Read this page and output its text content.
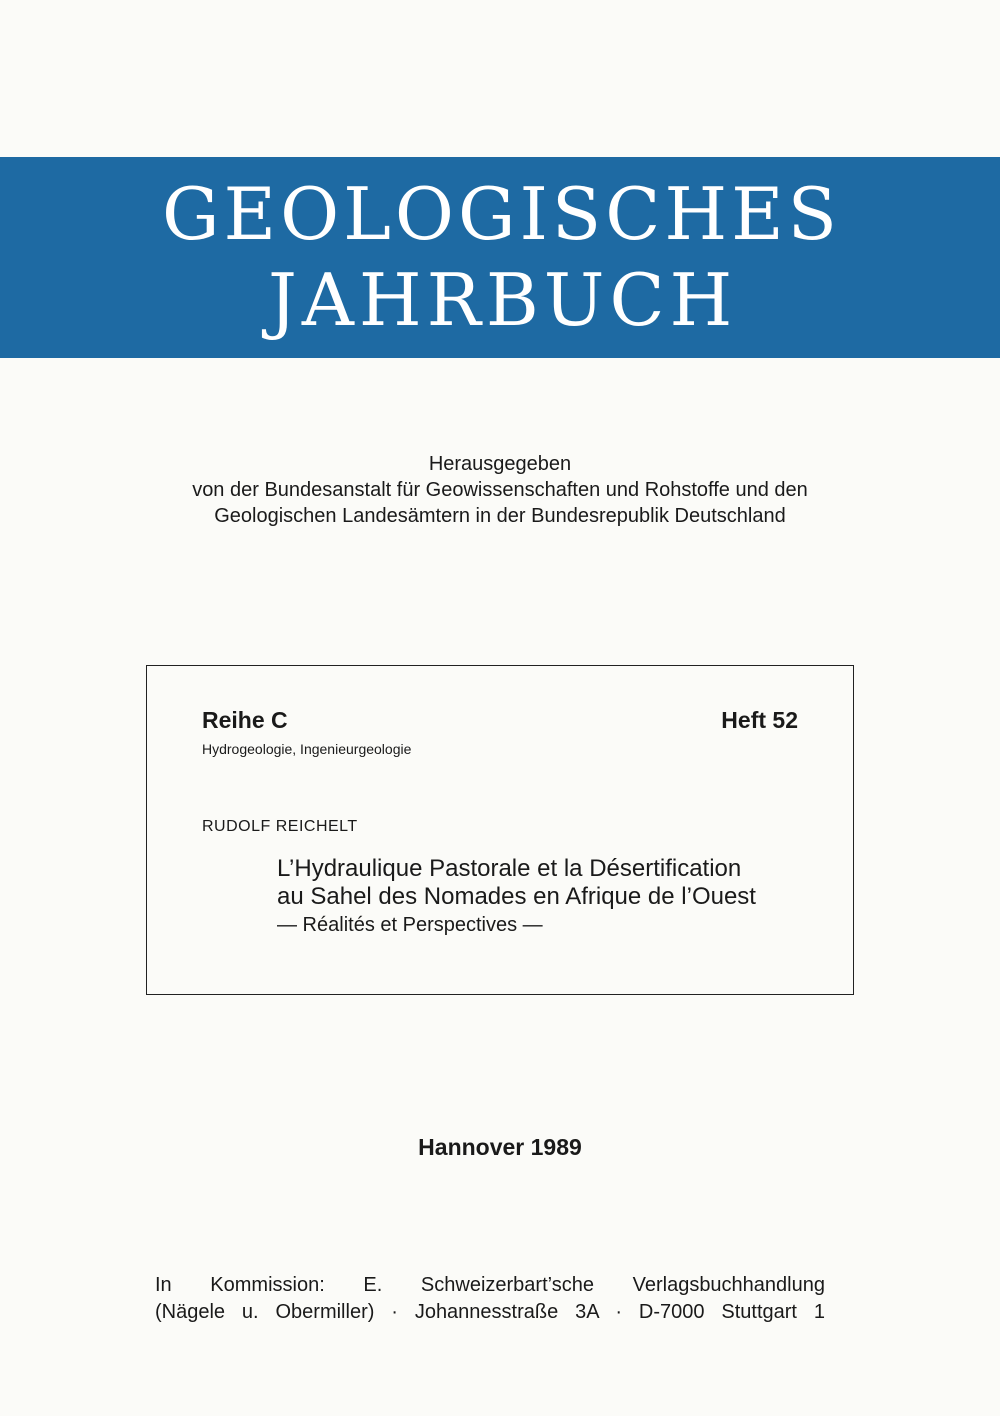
GEOLOGISCHES
JAHRBUCH
Herausgegeben
von der Bundesanstalt für Geowissenschaften und Rohstoffe und den
Geologischen Landesämtern in der Bundesrepublik Deutschland
Reihe C
Hydrogeologie, Ingenieurgeologie
Heft 52
RUDOLF REICHELT
L’Hydraulique Pastorale et la Désertification
au Sahel des Nomades en Afrique de l’Ouest
— Réalités et Perspectives —
Hannover 1989
In Kommission: E. Schweizerbart’sche Verlagsbuchhandlung
(Nägele u. Obermiller) · Johannesstraße 3A · D-7000 Stuttgart 1
